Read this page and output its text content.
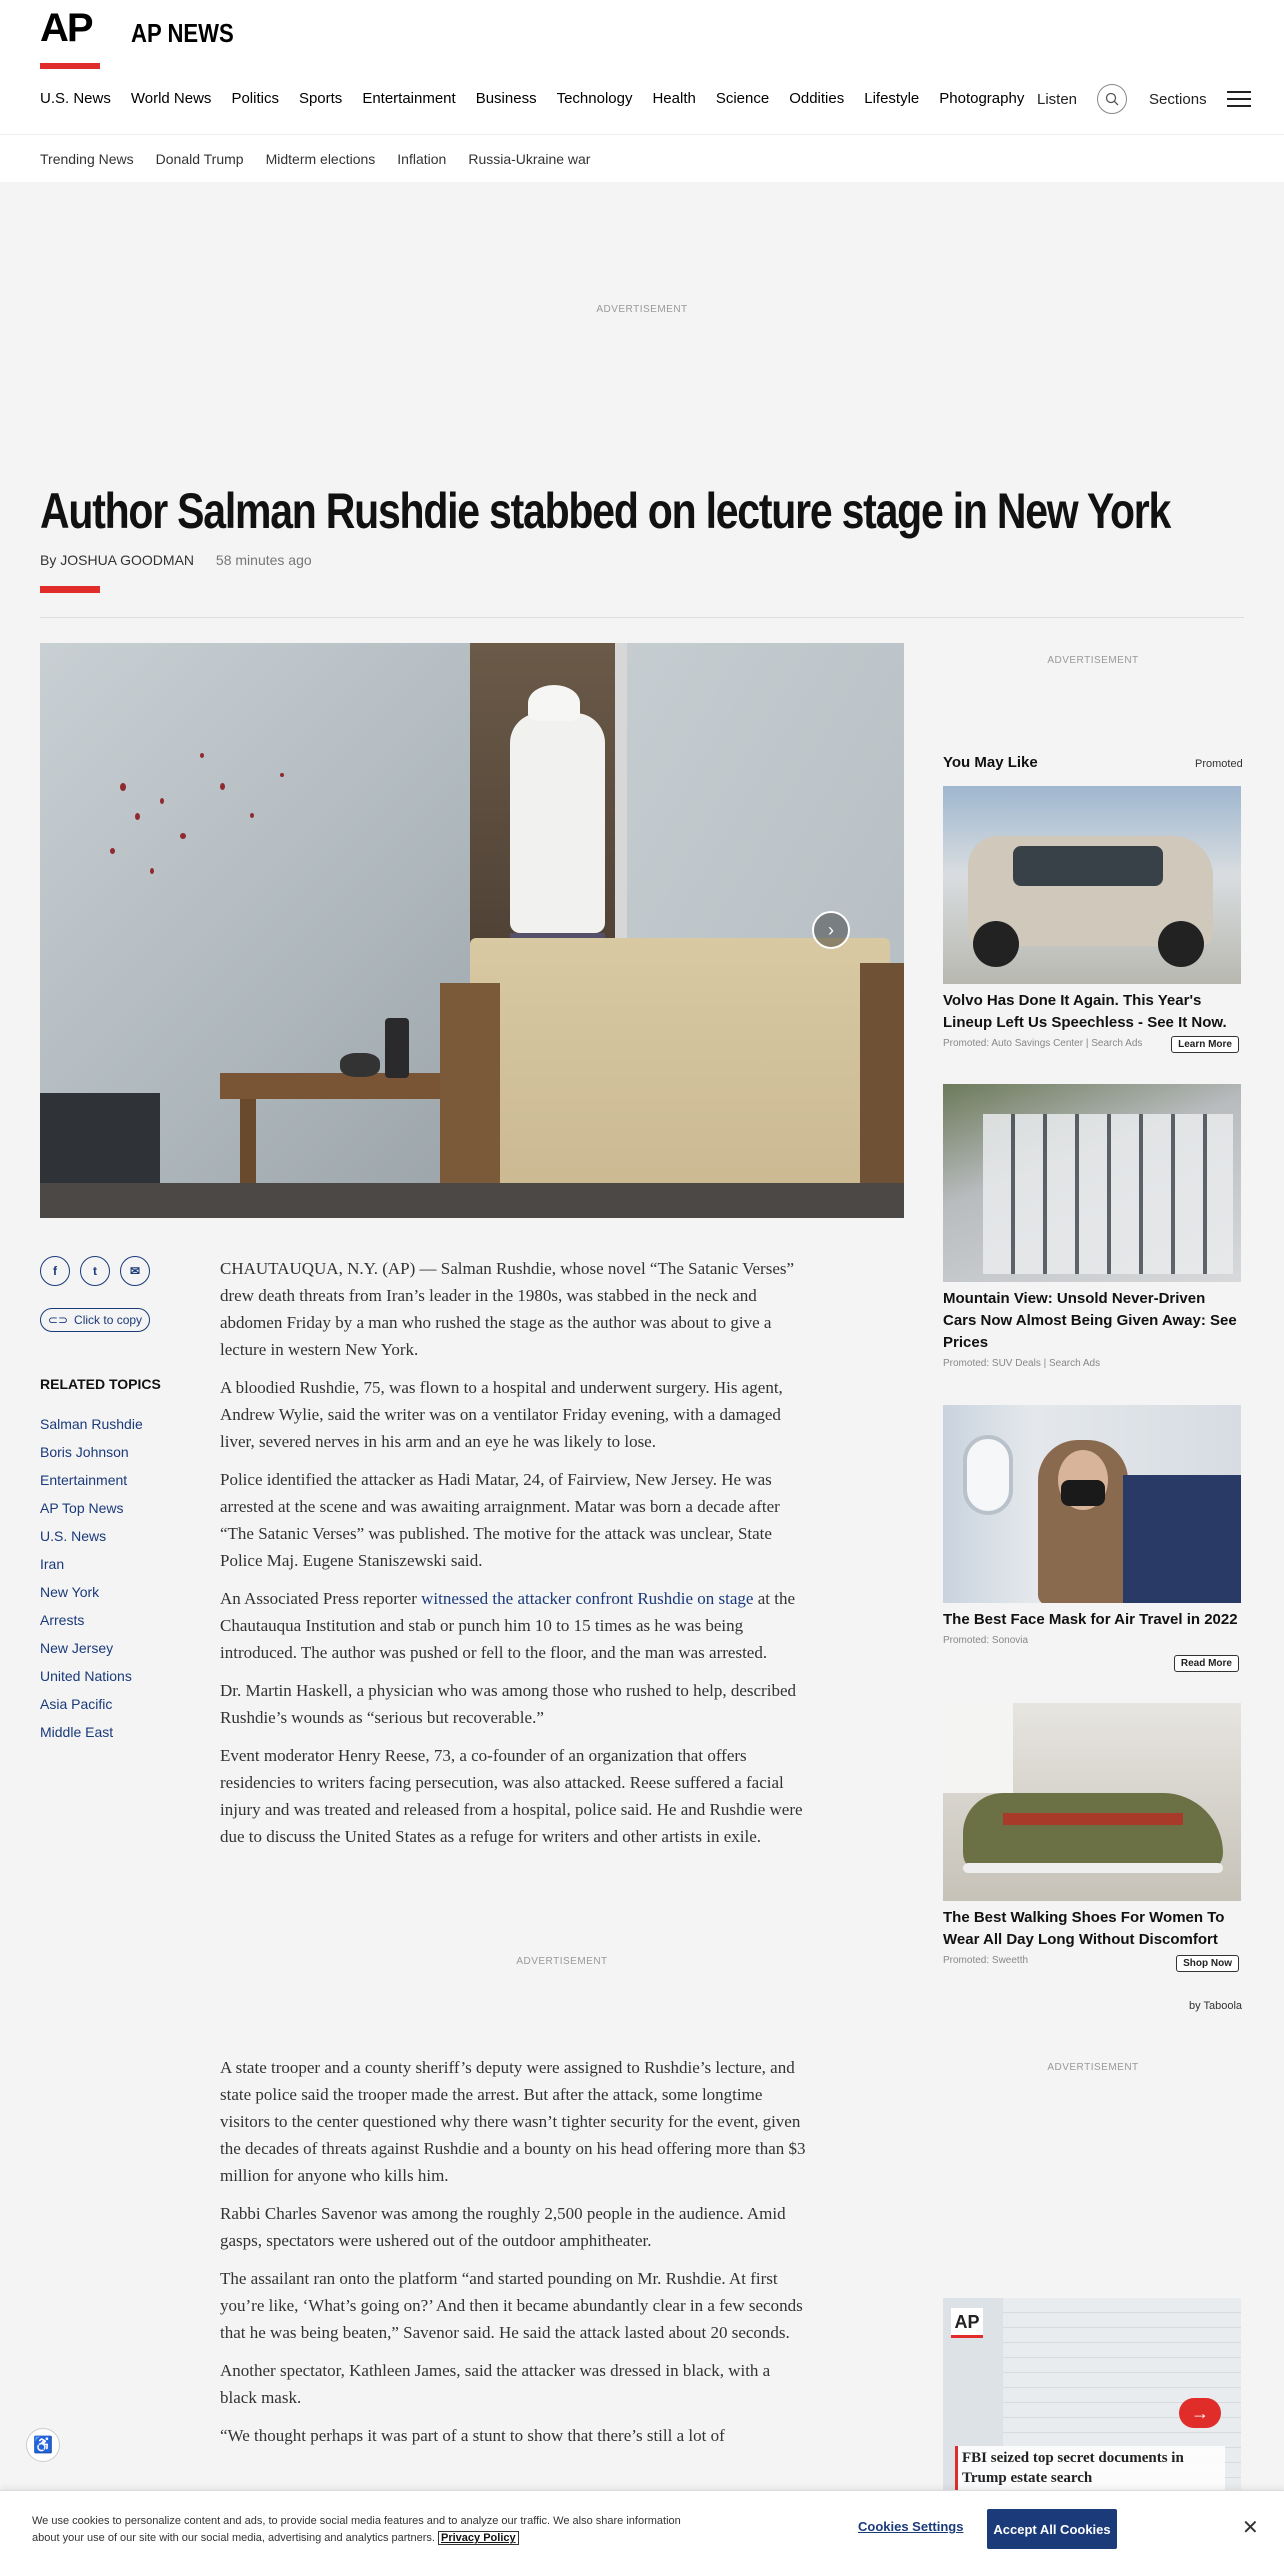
AP AP NEWS
U.S. News World News Politics Sports Entertainment Business Technology Health Science Oddities Lifestyle Photography Listen	Sections
Trending News Donald Trump Midterm elections Inflation Russia-Ukraine war
ADVERTISEMENT
Author Salman Rushdie stabbed on lecture stage in New York
By JOSHUA GOODMAN 58 minutes ago
›
f	t	✉
⊂⊃ Click to copy
RELATED TOPICS
Salman Rushdie
Boris Johnson
Entertainment
AP Top News
U.S. News
Iran
New York
Arrests
New Jersey
United Nations
Asia Pacific
Middle East

CHAUTAUQUA, N.Y. (AP) — Salman Rushdie, whose novel “The Satanic Verses” drew death threats from Iran’s leader in the 1980s, was stabbed in the neck and abdomen Friday by a man who rushed the stage as the author was about to give a lecture in western New York.

A bloodied Rushdie, 75, was flown to a hospital and underwent surgery. His agent, Andrew Wylie, said the writer was on a ventilator Friday evening, with a damaged liver, severed nerves in his arm and an eye he was likely to lose.

Police identified the attacker as Hadi Matar, 24, of Fairview, New Jersey. He was arrested at the scene and was awaiting arraignment. Matar was born a decade after “The Satanic Verses” was published. The motive for the attack was unclear, State Police Maj. Eugene Staniszewski said.

An Associated Press reporter witnessed the attacker confront Rushdie on stage at the Chautauqua Institution and stab or punch him 10 to 15 times as he was being introduced. The author was pushed or fell to the floor, and the man was arrested.

Dr. Martin Haskell, a physician who was among those who rushed to help, described Rushdie’s wounds as “serious but recoverable.”

Event moderator Henry Reese, 73, a co-founder of an organization that offers residencies to writers facing persecution, was also attacked. Reese suffered a facial injury and was treated and released from a hospital, police said. He and Rushdie were due to discuss the United States as a refuge for writers and other artists in exile.

ADVERTISEMENT

A state trooper and a county sheriff’s deputy were assigned to Rushdie’s lecture, and state police said the trooper made the arrest. But after the attack, some longtime visitors to the center questioned why there wasn’t tighter security for the event, given the decades of threats against Rushdie and a bounty on his head offering more than $3 million for anyone who kills him.

Rabbi Charles Savenor was among the roughly 2,500 people in the audience. Amid gasps, spectators were ushered out of the outdoor amphitheater.

The assailant ran onto the platform “and started pounding on Mr. Rushdie. At first you’re like, ‘What’s going on?’ And then it became abundantly clear in a few seconds that he was being beaten,” Savenor said. He said the attack lasted about 20 seconds.

Another spectator, Kathleen James, said the attacker was dressed in black, with a black mask.

“We thought perhaps it was part of a stunt to show that there’s still a lot of

ADVERTISEMENT
You May Like	Promoted
Volvo Has Done It Again. This Year's Lineup Left Us Speechless - See It Now.
Promoted: Auto Savings Center | Search Ads	Learn More
Mountain View: Unsold Never-Driven Cars Now Almost Being Given Away: See Prices
Promoted: SUV Deals | Search Ads
The Best Face Mask for Air Travel in 2022
Promoted: Sonovia
Read More
The Best Walking Shoes For Women To Wear All Day Long Without Discomfort
Promoted: Sweetth	Shop Now
by Taboola
ADVERTISEMENT
AP
→
FBI seized top secret documents in Trump estate search
♿
We use cookies to personalize content and ads, to provide social media features and to analyze our traffic. We also share information about your use of our site with our social media, advertising and analytics partners. Privacy Policy
Cookies Settings	Accept All Cookies	✕
